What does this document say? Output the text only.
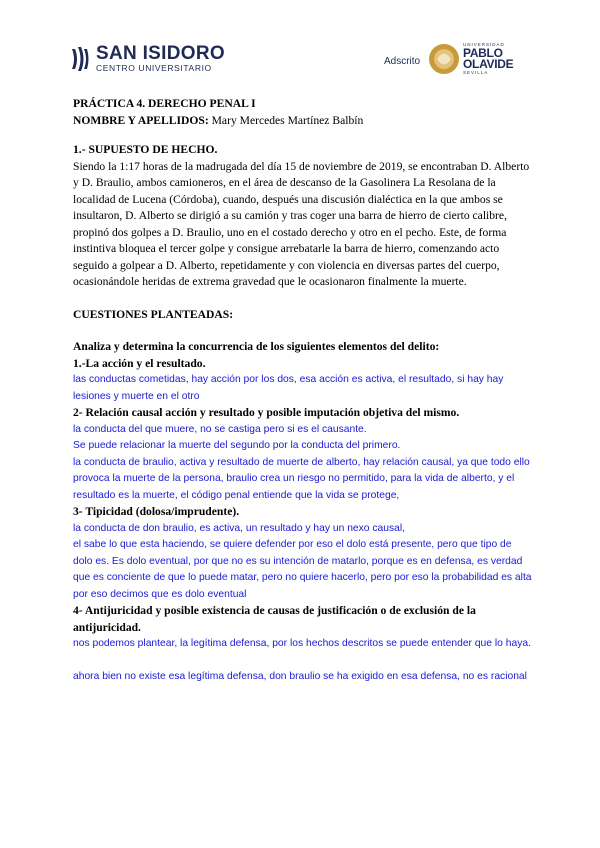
SAN ISIDORO
CENTRO UNIVERSITARIO
Adscrito
UNIVERSIDAD
PABLO
OLAVIDE
SEVILLA

PRÁCTICA 4. DERECHO PENAL I

NOMBRE Y APELLIDOS: Mary Mercedes Martínez Balbín

1.- SUPUESTO DE HECHO.

Siendo la 1:17 horas de la madrugada del día 15 de noviembre de 2019, se encontraban D. Alberto y D. Braulio, ambos camioneros, en el área de descanso de la Gasolinera La Resolana de la localidad de Lucena (Córdoba), cuando, después una discusión dialéctica en la que ambos se insultaron, D. Alberto se dirigió a su camión y tras coger una barra de hierro de cierto calibre, propinó dos golpes a D. Braulio, uno en el costado derecho y otro en el pecho. Este, de forma instintiva bloquea el tercer golpe y consigue arrebatarle la barra de hierro, comenzando acto seguido a golpear a D. Alberto, repetidamente y con violencia en diversas partes del cuerpo, ocasionándole heridas de extrema gravedad que le ocasionaron finalmente la muerte.

CUESTIONES PLANTEADAS:

Analiza y determina la concurrencia de los siguientes elementos del delito:

1.-La acción y el resultado.

las conductas cometidas, hay acción por los dos, esa acción es activa, el resultado, si hay hay lesiones y muerte en el otro

2- Relación causal acción y resultado y posible imputación objetiva del mismo.

la conducta del que muere, no se castiga pero si es el causante.

Se puede relacionar la muerte del segundo por la conducta del primero.

la conducta de braulio, activa y resultado de muerte de alberto, hay relación causal, ya que todo ello provoca la muerte de la persona, braulio crea un riesgo no permitido, para la vida de alberto, y el resultado es la muerte, el código penal entiende que la vida se protege,

3- Tipicidad (dolosa/imprudente).

la conducta de don braulio, es activa, un resultado y hay un nexo causal,

el sabe lo que esta haciendo, se quiere defender por eso el dolo está presente, pero que tipo de dolo es. Es dolo eventual, por que no es su intención de matarlo, porque es en defensa, es verdad que es conciente de que lo puede matar, pero no quiere hacerlo, pero por eso la probabilidad es alta por eso decimos que es dolo eventual

4- Antijuricidad y posible existencia de causas de justificación o de exclusión de la antijuricidad.

nos podemos plantear, la legítima defensa, por los hechos descritos se puede entender que lo haya.

ahora bien no existe esa legítima defensa, don braulio se ha exigido en esa defensa, no es racional
